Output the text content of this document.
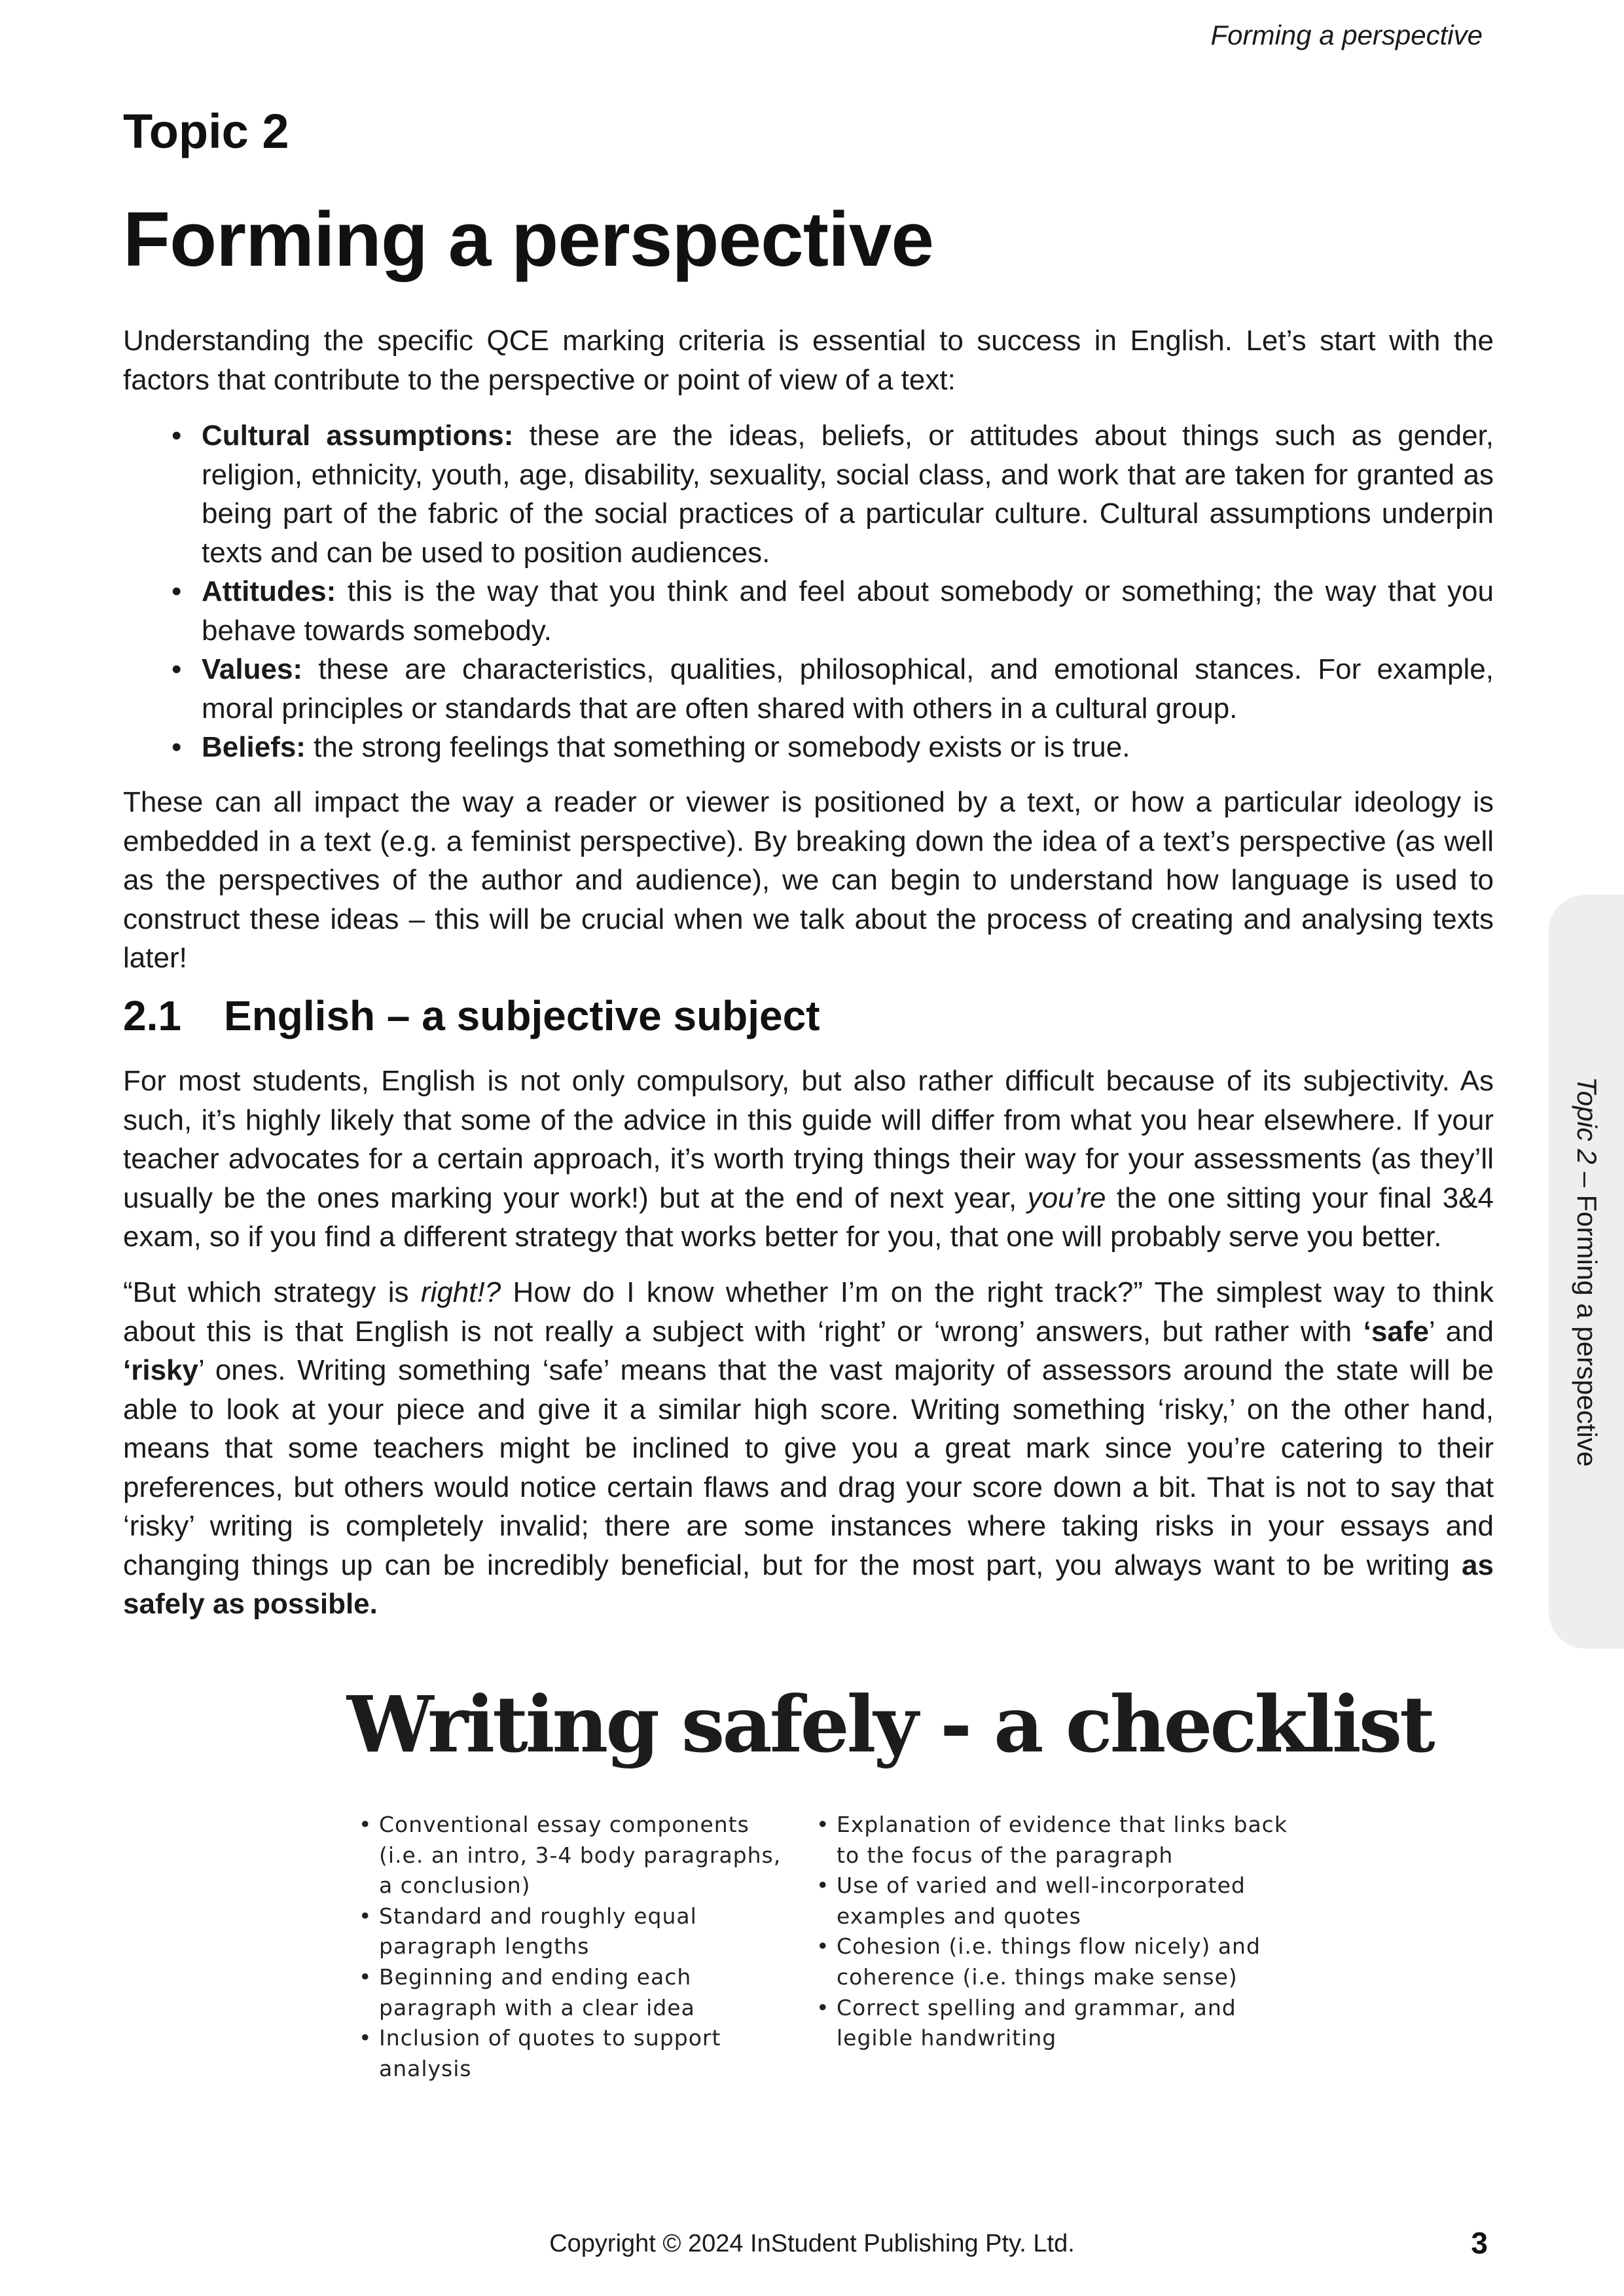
Forming a perspective
Topic 2
Forming a perspective

Understanding the specific QCE marking criteria is essential to success in English. Let’s start with the factors that contribute to the perspective or point of view of a text:

• Cultural assumptions: these are the ideas, beliefs, or attitudes about things such as gender, religion, ethnicity, youth, age, disability, sexuality, social class, and work that are taken for granted as being part of the fabric of the social practices of a particular culture. Cultural assumptions underpin texts and can be used to position audiences.
• Attitudes: this is the way that you think and feel about somebody or something; the way that you behave towards somebody.
• Values: these are characteristics, qualities, philosophical, and emotional stances. For example, moral principles or standards that are often shared with others in a cultural group.
• Beliefs: the strong feelings that something or somebody exists or is true.

These can all impact the way a reader or viewer is positioned by a text, or how a particular ideology is embedded in a text (e.g. a feminist perspective). By breaking down the idea of a text’s perspective (as well as the perspectives of the author and audience), we can begin to understand how language is used to construct these ideas – this will be crucial when we talk about the process of creating and analysing texts later!

2.1 English – a subjective subject

For most students, English is not only compulsory, but also rather difficult because of its subjectivity. As such, it’s highly likely that some of the advice in this guide will differ from what you hear elsewhere. If your teacher advocates for a certain approach, it’s worth trying things their way for your assessments (as they’ll usually be the ones marking your work!) but at the end of next year, you’re the one sitting your final 3&4 exam, so if you find a different strategy that works better for you, that one will probably serve you better.

“But which strategy is right!? How do I know whether I’m on the right track?” The simplest way to think about this is that English is not really a subject with ‘right’ or ‘wrong’ answers, but rather with ‘safe’ and ‘risky’ ones. Writing something ‘safe’ means that the vast majority of assessors around the state will be able to look at your piece and give it a similar high score. Writing something ‘risky,’ on the other hand, means that some teachers might be inclined to give you a great mark since you’re catering to their preferences, but others would notice certain flaws and drag your score down a bit. That is not to say that ‘risky’ writing is completely invalid; there are some instances where taking risks in your essays and changing things up can be incredibly beneficial, but for the most part, you always want to be writing as safely as possible.

Topic 2 – Forming a perspective
Writing safely - a checklist
• Conventional essay components (i.e. an intro, 3-4 body paragraphs, a conclusion)
• Standard and roughly equal paragraph lengths
• Beginning and ending each paragraph with a clear idea
• Inclusion of quotes to support analysis
• Explanation of evidence that links back to the focus of the paragraph
• Use of varied and well-incorporated examples and quotes
• Cohesion (i.e. things flow nicely) and coherence (i.e. things make sense)
• Correct spelling and grammar, and legible handwriting
Copyright © 2024 InStudent Publishing Pty. Ltd.	3
